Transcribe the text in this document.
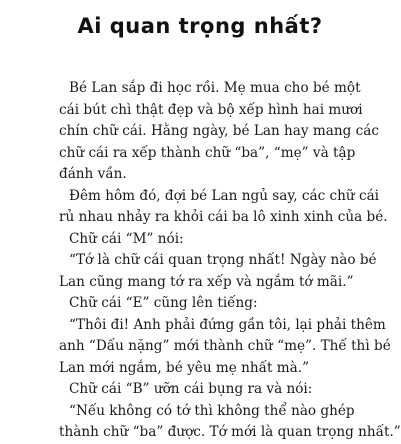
Ai quan trọng nhất?

Bé Lan sắp đi học rồi. Mẹ mua cho bé một
cái bút chì thật đẹp và bộ xếp hình hai mươi
chín chữ cái. Hằng ngày, bé Lan hay mang các
chữ cái ra xếp thành chữ “ba”, “mẹ” và tập
đánh vần.

Đêm hôm đó, đợi bé Lan ngủ say, các chữ cái
rủ nhau nhảy ra khỏi cái ba lô xinh xinh của bé.

Chữ cái “M” nói:

“Tớ là chữ cái quan trọng nhất! Ngày nào bé
Lan cũng mang tớ ra xếp và ngắm tớ mãi.”

Chữ cái “E” cũng lên tiếng:

“Thôi đi! Anh phải đứng gần tôi, lại phải thêm
anh “Dấu nặng” mới thành chữ “mẹ”. Thế thì bé
Lan mới ngắm, bé yêu mẹ nhất mà.”

Chữ cái “B” ưỡn cái bụng ra và nói:

“Nếu không có tớ thì không thể nào ghép
thành chữ “ba” được. Tớ mới là quan trọng nhất.”
